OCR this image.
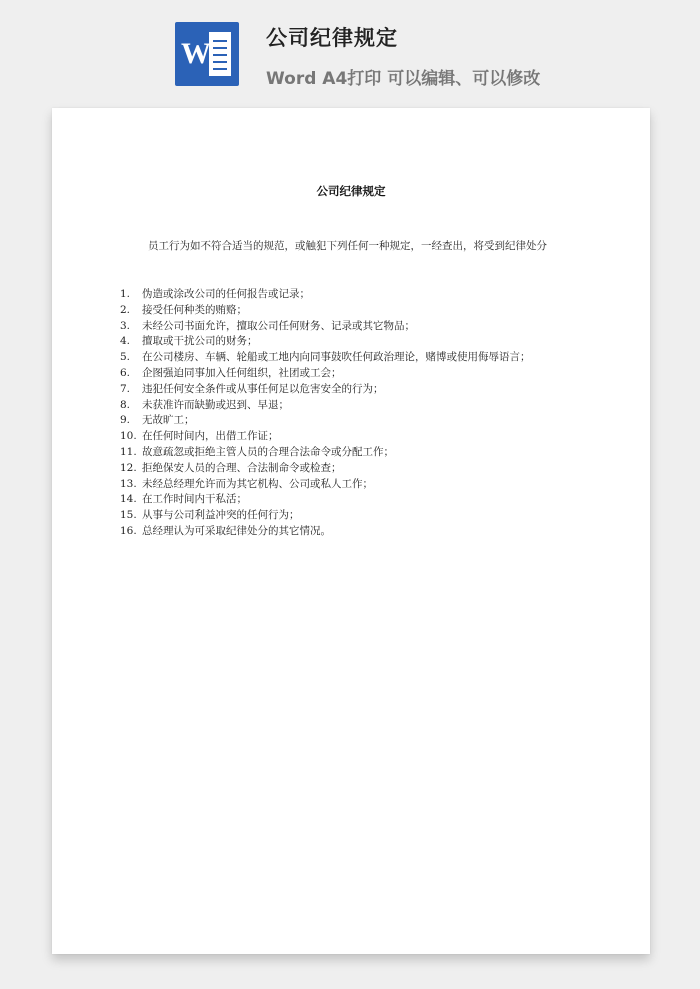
W	公司纪律规定
Word A4打印 可以编辑、可以修改
公司纪律规定
员工行为如不符合适当的规范，或触犯下列任何一种规定，一经查出，将受到纪律处分
1. 伪造或涂改公司的任何报告或记录；
2. 接受任何种类的贿赂；
3. 未经公司书面允许，擅取公司任何财务、记录或其它物品；
4. 擅取或干扰公司的财务；
5. 在公司楼房、车辆、轮船或工地内向同事鼓吹任何政治理论，赌博或使用侮辱语言；
6. 企图强迫同事加入任何组织，社团或工会；
7. 违犯任何安全条件或从事任何足以危害安全的行为；
8. 未获准许而缺勤或迟到、早退；
9. 无故旷工；
10. 在任何时间内，出借工作证；
11. 故意疏忽或拒绝主管人员的合理合法命令或分配工作；
12. 拒绝保安人员的合理、合法制命令或检查；
13. 未经总经理允许而为其它机构、公司或私人工作；
14. 在工作时间内干私活；
15. 从事与公司利益冲突的任何行为；
16. 总经理认为可采取纪律处分的其它情况。
